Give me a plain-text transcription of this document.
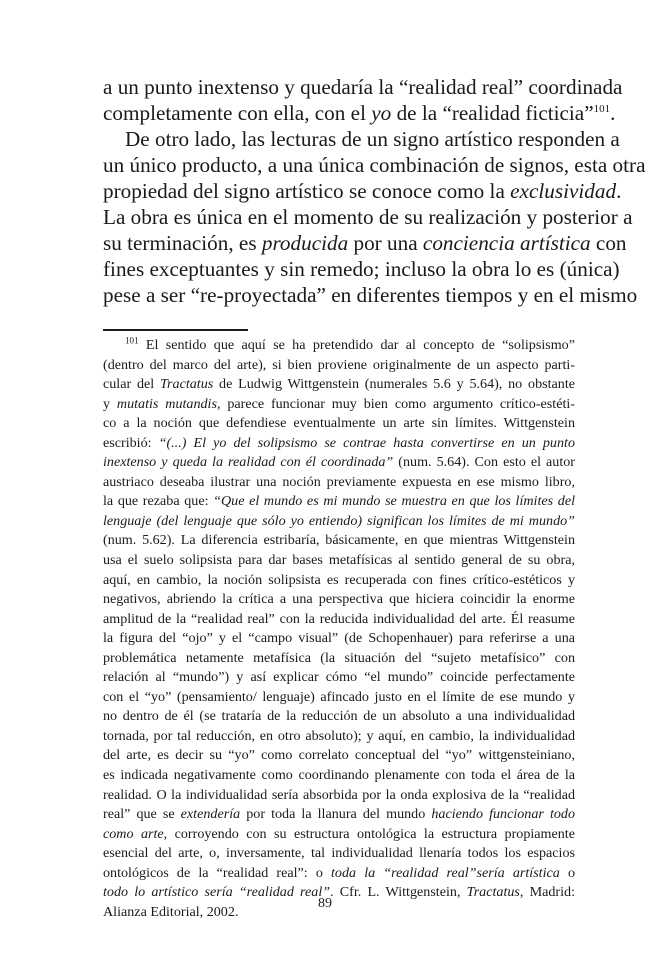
a un punto inextenso y quedaría la “realidad real” coordinada
completamente con ella, con el yo de la “realidad ficticia”$^{101}$.
De otro lado, las lecturas de un signo artístico responden a
un único producto, a una única combinación de signos, esta otra
propiedad del signo artístico se conoce como la exclusividad.
La obra es única en el momento de su realización y posterior a
su terminación, es producida por una conciencia artística con
fines exceptuantes y sin remedo; incluso la obra lo es (única)
pese a ser “re-proyectada” en diferentes tiempos y en el mismo

$^{101}$ El sentido que aquí se ha pretendido dar al concepto de “solipsismo”
(dentro del marco del arte), si bien proviene originalmente de un aspecto parti-
cular del Tractatus de Ludwig Wittgenstein (numerales 5.6 y 5.64), no obstante
y mutatis mutandis, parece funcionar muy bien como argumento crítico-estéti-
co a la noción que defendiese eventualmente un arte sin límites. Wittgenstein
escribió: “(...) El yo del solipsismo se contrae hasta convertirse en un punto
inextenso y queda la realidad con él coordinada” (num. 5.64). Con esto el autor
austriaco deseaba ilustrar una noción previamente expuesta en ese mismo libro,
la que rezaba que: “Que el mundo es mi mundo se muestra en que los límites del
lenguaje (del lenguaje que sólo yo entiendo) significan los límites de mi mundo”
(num. 5.62). La diferencia estribaría, básicamente, en que mientras Wittgenstein
usa el suelo solipsista para dar bases metafísicas al sentido general de su obra,
aquí, en cambio, la noción solipsista es recuperada con fines crítico-estéticos y
negativos, abriendo la crítica a una perspectiva que hiciera coincidir la enorme
amplitud de la “realidad real” con la reducida individualidad del arte. Él reasume
la figura del “ojo” y el “campo visual” (de Schopenhauer) para referirse a una
problemática netamente metafísica (la situación del “sujeto metafísico” con
relación al “mundo”) y así explicar cómo “el mundo” coincide perfectamente
con el “yo” (pensamiento/ lenguaje) afincado justo en el límite de ese mundo y
no dentro de él (se trataría de la reducción de un absoluto a una individualidad
tornada, por tal reducción, en otro absoluto); y aquí, en cambio, la individualidad
del arte, es decir su “yo” como correlato conceptual del “yo” wittgensteiniano,
es indicada negativamente como coordinando plenamente con toda el área de la
realidad. O la individualidad sería absorbida por la onda explosiva de la “realidad
real” que se extendería por toda la llanura del mundo haciendo funcionar todo
como arte, corroyendo con su estructura ontológica la estructura propiamente
esencial del arte, o, inversamente, tal individualidad llenaría todos los espacios
ontológicos de la “realidad real”: o toda la “realidad real”sería artística o
todo lo artístico sería “realidad real”. Cfr. L. Wittgenstein, Tractatus, Madrid:
Alianza Editorial, 2002.
89
